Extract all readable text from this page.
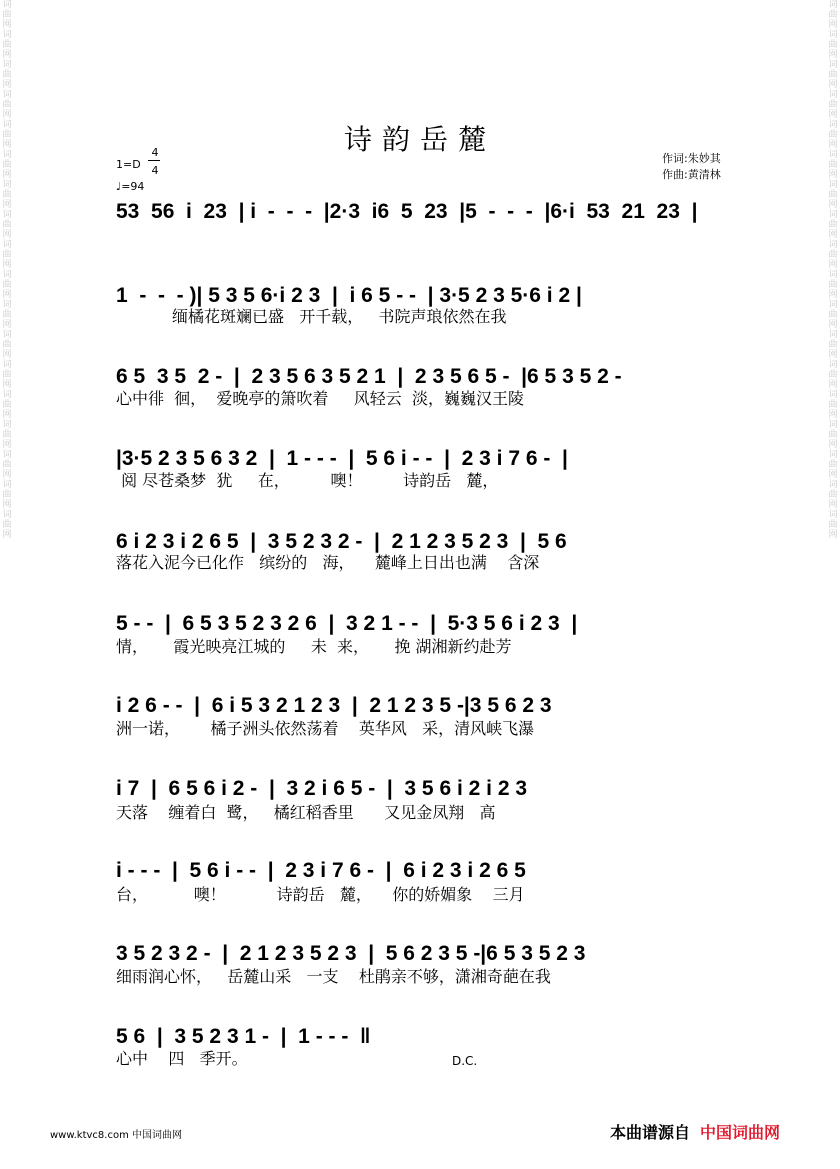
词曲网词曲网词曲网词曲网词曲网词曲网词曲网词曲网词曲网词曲网词曲网词曲网词曲网词曲网词曲网词曲网词曲网词曲网
词曲网词曲网词曲网词曲网词曲网词曲网词曲网词曲网词曲网词曲网词曲网词曲网词曲网词曲网词曲网词曲网词曲网词曲网
诗韵岳麓
1=D
4
4
♩=94
作词:朱妙其
作曲:黄清林
53  56  i  23  | i  -  -  -  |2·3  i6  5  23  |5  -  -  -  |6·i  53  21  23  |
1  -  -  - )| 5 3 5 6·i 2 3  |  i 6 5 - -  | 3·5 2 3 5·6 i 2 |
缅橘花斑斓已盛   开千载，   书院声琅依然在我
6 5  3 5  2 -  |  2 3 5 6 3 5 2 1  |  2 3 5 6 5 -  |6 5 3 5 2 -
心中徘  徊，  爱晚亭的箫吹着     风轻云  淡，巍巍汉王陵
|3·5 2 3 5 6 3 2  |  1 - - -  |  5 6 i - -  |  2 3 i 7 6 -  |
阅 尽苍桑梦  犹     在，        噢！        诗韵岳   麓，
6 i 2 3 i 2 6 5  |  3 5 2 3 2 -  |  2 1 2 3 5 2 3  |  5 6
落花入泥今已化作   缤纷的   海，    麓峰上日出也满    含深
5 - -  |  6 5 3 5 2 3 2 6  |  3 2 1 - -  |  5·3 5 6 i 2 3  |
情，     霞光映亮江城的     未  来，     挽 湖湘新约赴芳
i 2 6 - -  |  6 i 5 3 2 1 2 3  |  2 1 2 3 5 -|3 5 6 2 3
洲一诺，      橘子洲头依然荡着    英华风   采，清风峡飞瀑
i 7  |  6 5 6 i 2 -  |  3 2 i 6 5 -  |  3 5 6 i 2 i 2 3
天落    缠着白  鹭，   橘红稻香里      又见金凤翔   高
i - - -  |  5 6 i - -  |  2 3 i 7 6 -  |  6 i 2 3 i 2 6 5
台，         噢！          诗韵岳   麓，    你的娇媚象    三月
3 5 2 3 2 -  |  2 1 2 3 5 2 3  |  5 6 2 3 5 -|6 5 3 5 2 3
细雨润心怀，   岳麓山采   一支    杜鹃亲不够，潇湘奇葩在我
5 6  |  3 5 2 3 1 -  |  1 - - -  ‖
心中    四   季开。	D.C.
www.ktvc8.com 中国词曲网	本曲谱源自 中国词曲网
